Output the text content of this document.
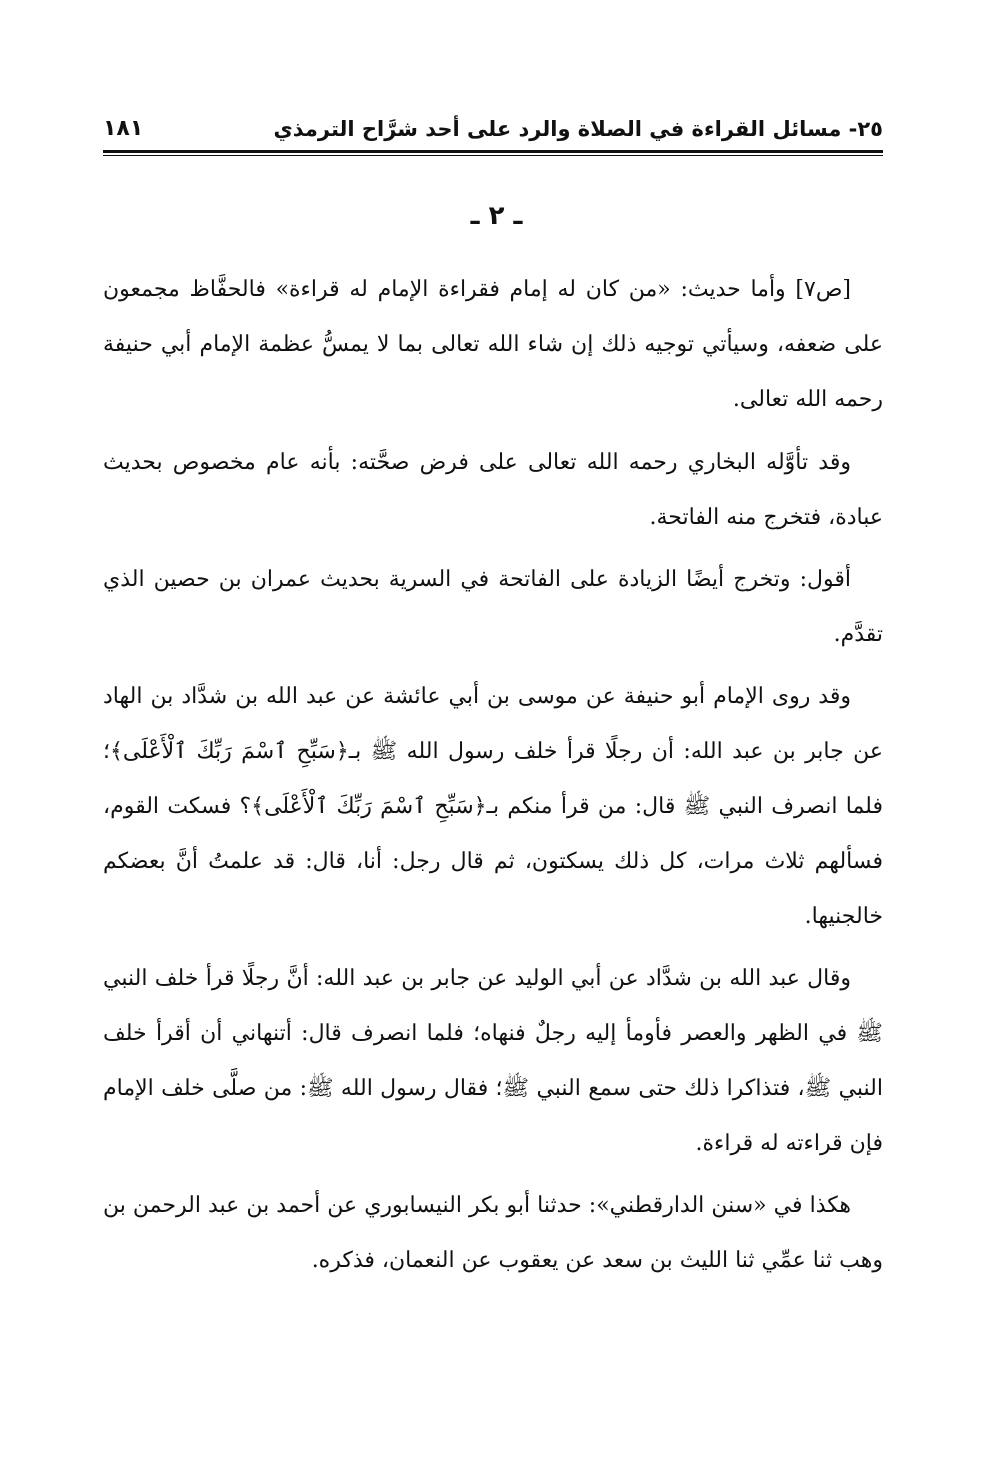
٢٥- مسائل القراءة في الصلاة والرد على أحد شرَّاح الترمذي
١٨١
ـ ٢ ـ

[ص٧] وأما حديث: «من كان له إمام فقراءة الإمام له قراءة» فالحفَّاظ مجمعون على ضعفه، وسيأتي توجيه ذلك إن شاء الله تعالى بما لا يمسُّ عظمة الإمام أبي حنيفة رحمه الله تعالى.

وقد تأوَّله البخاري رحمه الله تعالى على فرض صحَّته: بأنه عام مخصوص بحديث عبادة، فتخرج منه الفاتحة.

أقول: وتخرج أيضًا الزيادة على الفاتحة في السرية بحديث عمران بن حصين الذي تقدَّم.

وقد روى الإمام أبو حنيفة عن موسى بن أبي عائشة عن عبد الله بن شدَّاد بن الهاد عن جابر بن عبد الله: أن رجلًا قرأ خلف رسول الله ﷺ بـ﴿سَبِّحِ ٱسْمَ رَبِّكَ ٱلْأَعْلَى﴾؛ فلما انصرف النبي ﷺ قال: من قرأ منكم بـ﴿سَبِّحِ ٱسْمَ رَبِّكَ ٱلْأَعْلَى﴾؟ فسكت القوم، فسألهم ثلاث مرات، كل ذلك يسكتون، ثم قال رجل: أنا، قال: قد علمتُ أنَّ بعضكم خالجنيها.

وقال عبد الله بن شدَّاد عن أبي الوليد عن جابر بن عبد الله: أنَّ رجلًا قرأ خلف النبي ﷺ في الظهر والعصر فأومأ إليه رجلٌ فنهاه؛ فلما انصرف قال: أتنهاني أن أقرأ خلف النبي ﷺ، فتذاكرا ذلك حتى سمع النبي ﷺ؛ فقال رسول الله ﷺ: من صلَّى خلف الإمام فإن قراءته له قراءة.

هكذا في «سنن الدارقطني»: حدثنا أبو بكر النيسابوري عن أحمد بن عبد الرحمن بن وهب ثنا عمِّي ثنا الليث بن سعد عن يعقوب عن النعمان، فذكره.
